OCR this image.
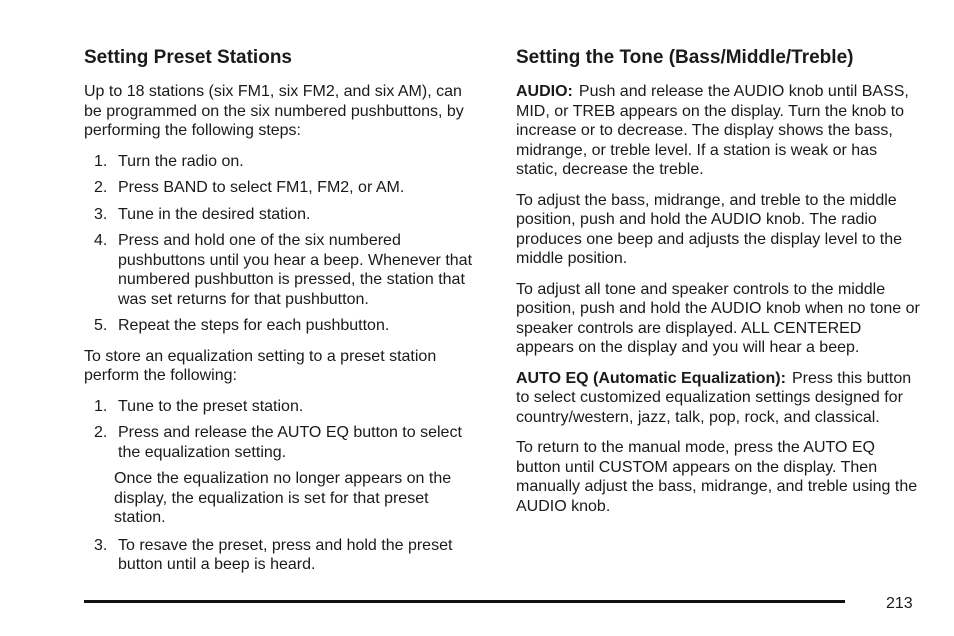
Setting Preset Stations

Up to 18 stations (six FM1, six FM2, and six AM), can be programmed on the six numbered pushbuttons, by performing the following steps:

1. Turn the radio on.
2. Press BAND to select FM1, FM2, or AM.
3. Tune in the desired station.
4. Press and hold one of the six numbered pushbuttons until you hear a beep. Whenever that numbered pushbutton is pressed, the station that was set returns for that pushbutton.
5. Repeat the steps for each pushbutton.

To store an equalization setting to a preset station perform the following:

1. Tune to the preset station.
2. Press and release the AUTO EQ button to select the equalization setting.

Once the equalization no longer appears on the display, the equalization is set for that preset station.

3. To resave the preset, press and hold the preset button until a beep is heard.
Setting the Tone (Bass/Middle/Treble)

AUDIO: Push and release the AUDIO knob until BASS, MID, or TREB appears on the display. Turn the knob to increase or to decrease. The display shows the bass, midrange, or treble level. If a station is weak or has static, decrease the treble.

To adjust the bass, midrange, and treble to the middle position, push and hold the AUDIO knob. The radio produces one beep and adjusts the display level to the middle position.

To adjust all tone and speaker controls to the middle position, push and hold the AUDIO knob when no tone or speaker controls are displayed. ALL CENTERED appears on the display and you will hear a beep.

AUTO EQ (Automatic Equalization): Press this button to select customized equalization settings designed for country/western, jazz, talk, pop, rock, and classical.

To return to the manual mode, press the AUTO EQ button until CUSTOM appears on the display. Then manually adjust the bass, midrange, and treble using the AUDIO knob.

213
